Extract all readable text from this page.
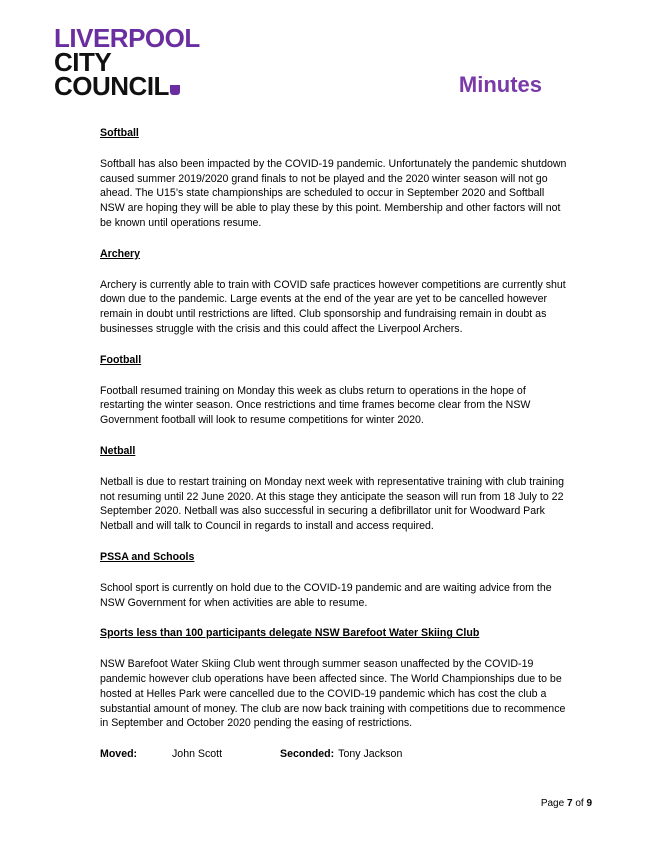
LIVERPOOL
CITY
COUNCIL	Minutes

Softball

Softball has also been impacted by the COVID-19 pandemic. Unfortunately the pandemic shutdown caused summer 2019/2020 grand finals to not be played and the 2020 winter season will not go ahead. The U15’s state championships are scheduled to occur in September 2020 and Softball NSW are hoping they will be able to play these by this point. Membership and other factors will not be known until operations resume.

Archery

Archery is currently able to train with COVID safe practices however competitions are currently shut down due to the pandemic. Large events at the end of the year are yet to be cancelled however remain in doubt until restrictions are lifted. Club sponsorship and fundraising remain in doubt as businesses struggle with the crisis and this could affect the Liverpool Archers.

Football

Football resumed training on Monday this week as clubs return to operations in the hope of restarting the winter season. Once restrictions and time frames become clear from the NSW Government football will look to resume competitions for winter 2020.

Netball

Netball is due to restart training on Monday next week with representative training with club training not resuming until 22 June 2020. At this stage they anticipate the season will run from 18 July to 22 September 2020. Netball was also successful in securing a defibrillator unit for Woodward Park Netball and will talk to Council in regards to install and access required.

PSSA and Schools

School sport is currently on hold due to the COVID-19 pandemic and are waiting advice from the NSW Government for when activities are able to resume.

Sports less than 100 participants delegate NSW Barefoot Water Skiing Club

NSW Barefoot Water Skiing Club went through summer season unaffected by the COVID-19 pandemic however club operations have been affected since. The World Championships due to be hosted at Helles Park were cancelled due to the COVID-19 pandemic which has cost the club a substantial amount of money. The club are now back training with competitions due to recommence in September and October 2020 pending the easing of restrictions.

Moved:	John Scott	Seconded: Tony Jackson
Page 7 of 9
